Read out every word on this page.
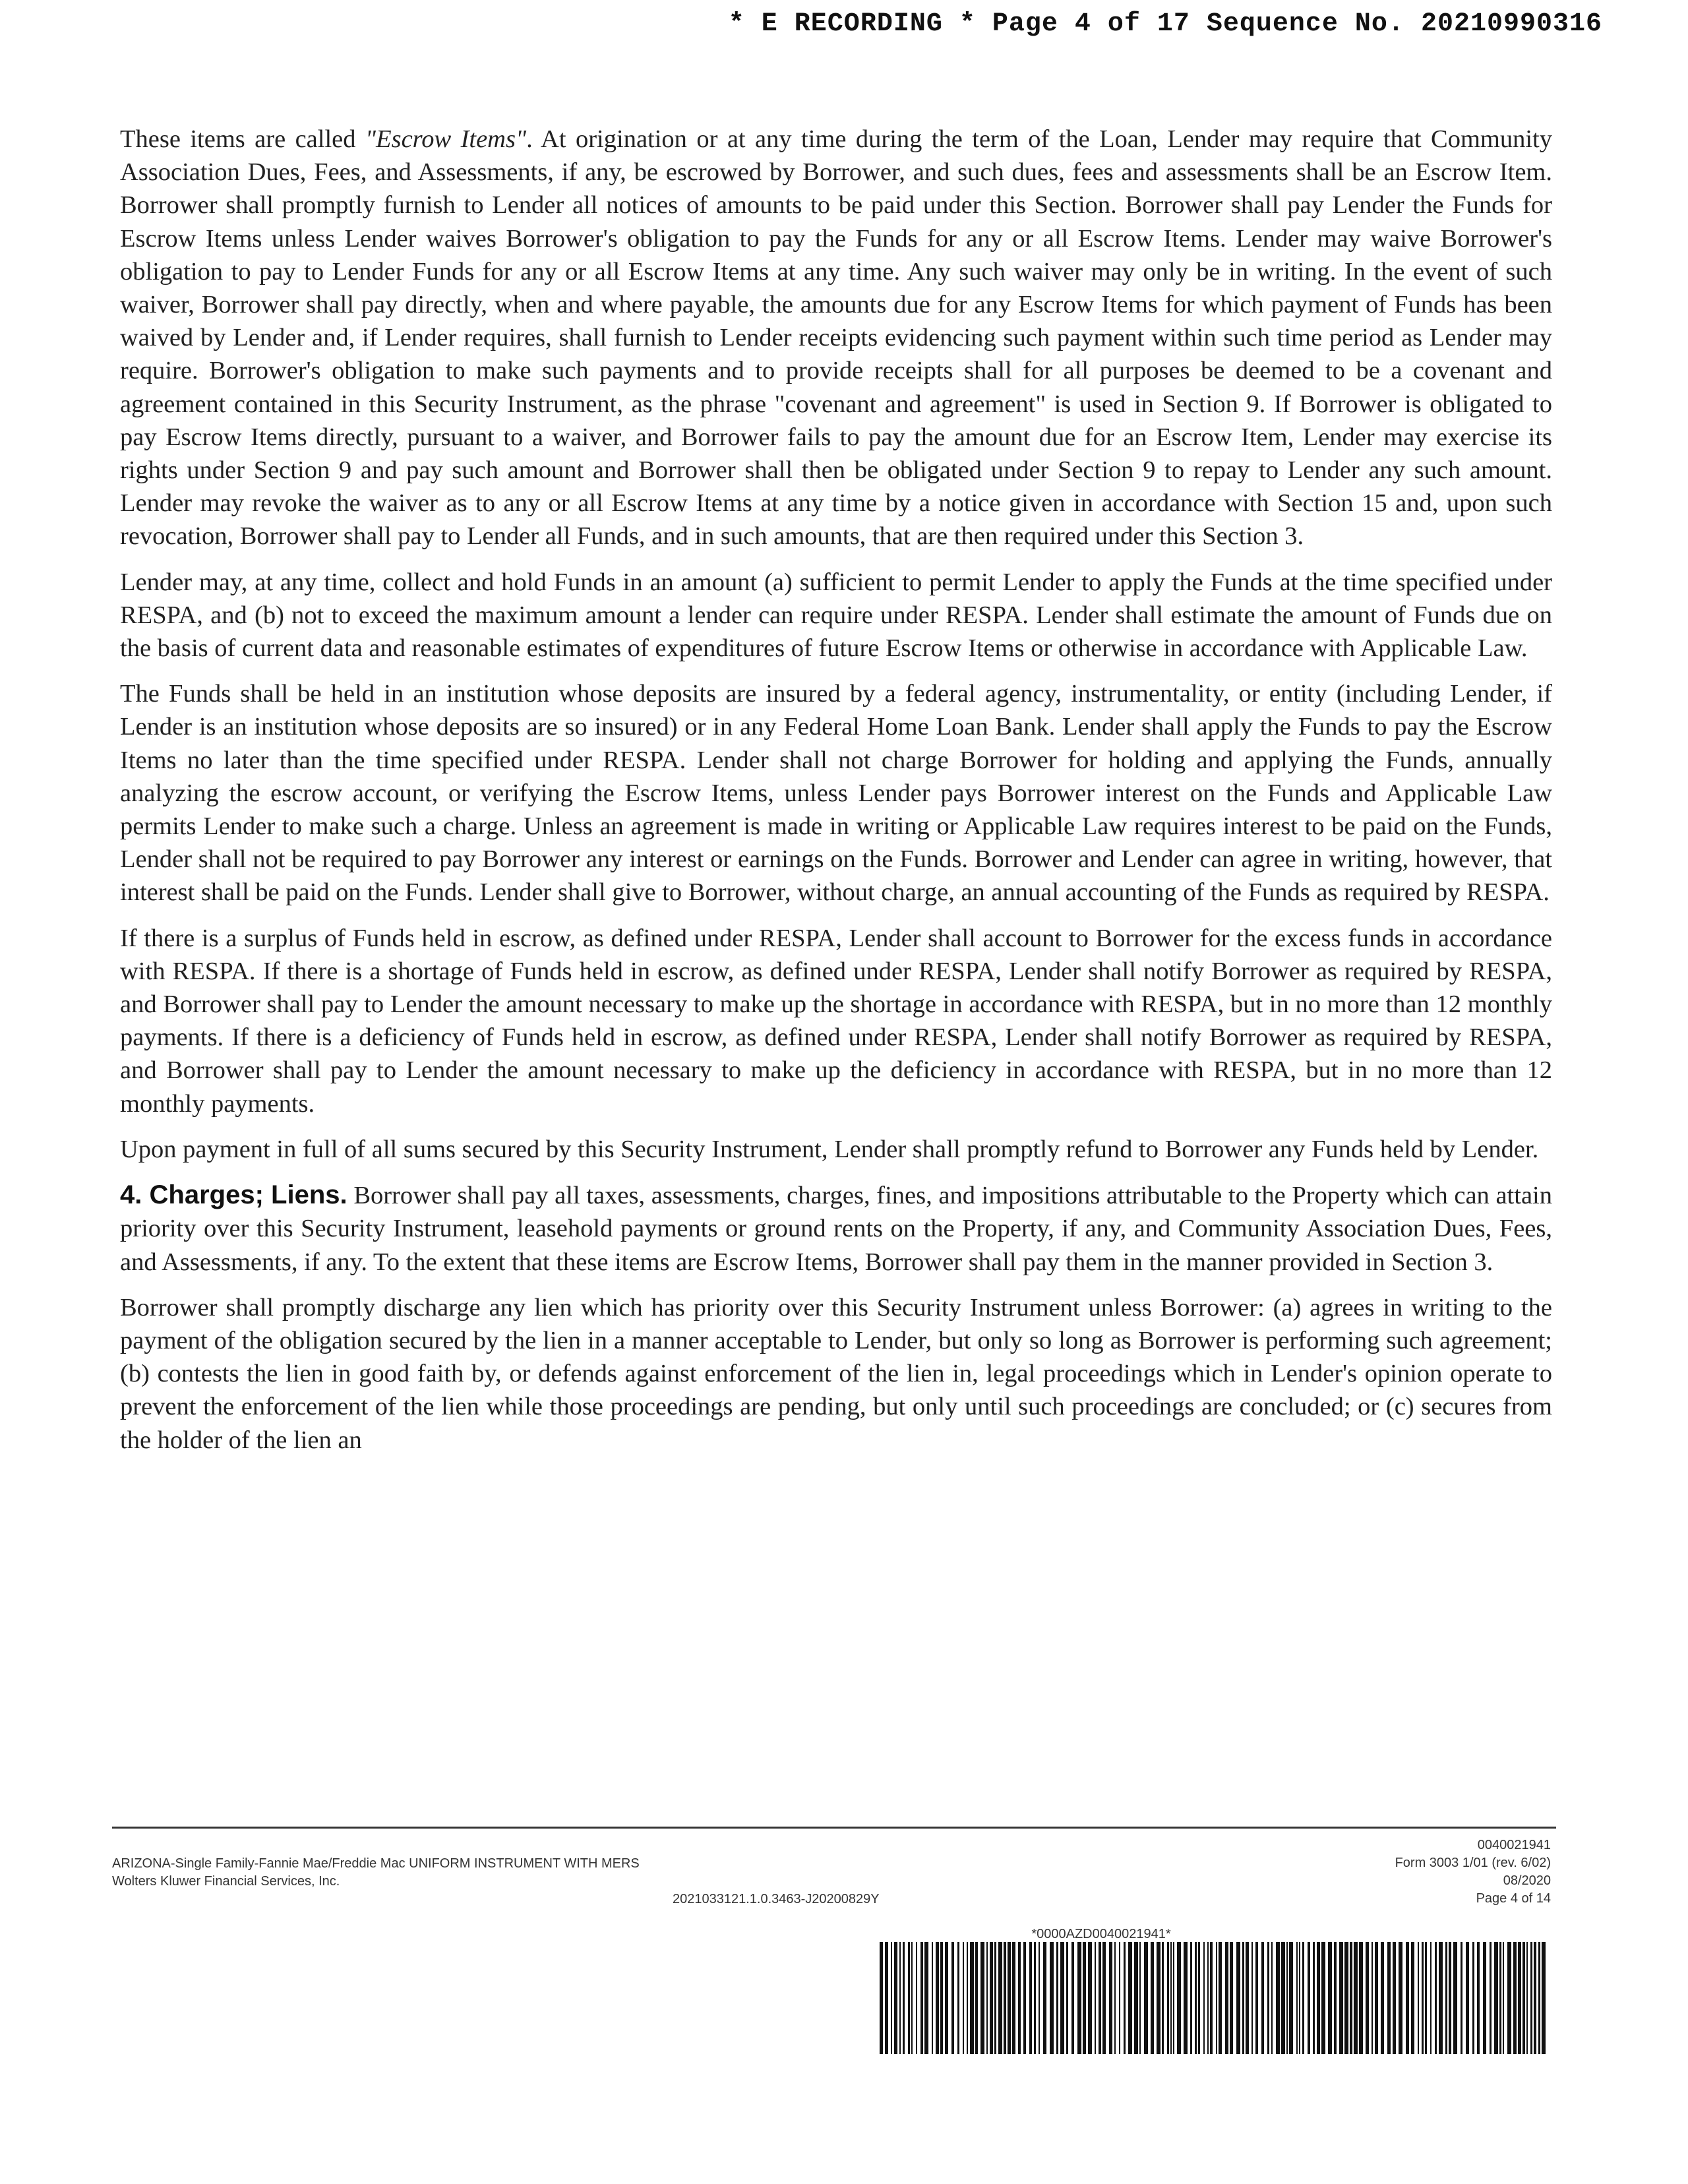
* E RECORDING * Page 4 of 17 Sequence No. 20210990316

These items are called "Escrow Items". At origination or at any time during the term of the Loan, Lender may require that Community Association Dues, Fees, and Assessments, if any, be escrowed by Borrower, and such dues, fees and assessments shall be an Escrow Item. Borrower shall promptly furnish to Lender all notices of amounts to be paid under this Section. Borrower shall pay Lender the Funds for Escrow Items unless Lender waives Borrower's obligation to pay the Funds for any or all Escrow Items. Lender may waive Borrower's obligation to pay to Lender Funds for any or all Escrow Items at any time. Any such waiver may only be in writing. In the event of such waiver, Borrower shall pay directly, when and where payable, the amounts due for any Escrow Items for which payment of Funds has been waived by Lender and, if Lender requires, shall furnish to Lender receipts evidencing such payment within such time period as Lender may require. Borrower's obligation to make such payments and to provide receipts shall for all purposes be deemed to be a covenant and agreement contained in this Security Instrument, as the phrase "covenant and agreement" is used in Section 9. If Borrower is obligated to pay Escrow Items directly, pursuant to a waiver, and Borrower fails to pay the amount due for an Escrow Item, Lender may exercise its rights under Section 9 and pay such amount and Borrower shall then be obligated under Section 9 to repay to Lender any such amount. Lender may revoke the waiver as to any or all Escrow Items at any time by a notice given in accordance with Section 15 and, upon such revocation, Borrower shall pay to Lender all Funds, and in such amounts, that are then required under this Section 3.

Lender may, at any time, collect and hold Funds in an amount (a) sufficient to permit Lender to apply the Funds at the time specified under RESPA, and (b) not to exceed the maximum amount a lender can require under RESPA. Lender shall estimate the amount of Funds due on the basis of current data and reasonable estimates of expenditures of future Escrow Items or otherwise in accordance with Applicable Law.

The Funds shall be held in an institution whose deposits are insured by a federal agency, instrumentality, or entity (including Lender, if Lender is an institution whose deposits are so insured) or in any Federal Home Loan Bank. Lender shall apply the Funds to pay the Escrow Items no later than the time specified under RESPA. Lender shall not charge Borrower for holding and applying the Funds, annually analyzing the escrow account, or verifying the Escrow Items, unless Lender pays Borrower interest on the Funds and Applicable Law permits Lender to make such a charge. Unless an agreement is made in writing or Applicable Law requires interest to be paid on the Funds, Lender shall not be required to pay Borrower any interest or earnings on the Funds. Borrower and Lender can agree in writing, however, that interest shall be paid on the Funds. Lender shall give to Borrower, without charge, an annual accounting of the Funds as required by RESPA.

If there is a surplus of Funds held in escrow, as defined under RESPA, Lender shall account to Borrower for the excess funds in accordance with RESPA. If there is a shortage of Funds held in escrow, as defined under RESPA, Lender shall notify Borrower as required by RESPA, and Borrower shall pay to Lender the amount necessary to make up the shortage in accordance with RESPA, but in no more than 12 monthly payments. If there is a deficiency of Funds held in escrow, as defined under RESPA, Lender shall notify Borrower as required by RESPA, and Borrower shall pay to Lender the amount necessary to make up the deficiency in accordance with RESPA, but in no more than 12 monthly payments.

Upon payment in full of all sums secured by this Security Instrument, Lender shall promptly refund to Borrower any Funds held by Lender.

4. Charges; Liens. Borrower shall pay all taxes, assessments, charges, fines, and impositions attributable to the Property which can attain priority over this Security Instrument, leasehold payments or ground rents on the Property, if any, and Community Association Dues, Fees, and Assessments, if any. To the extent that these items are Escrow Items, Borrower shall pay them in the manner provided in Section 3.

Borrower shall promptly discharge any lien which has priority over this Security Instrument unless Borrower: (a) agrees in writing to the payment of the obligation secured by the lien in a manner acceptable to Lender, but only so long as Borrower is performing such agreement; (b) contests the lien in good faith by, or defends against enforcement of the lien in, legal proceedings which in Lender's opinion operate to prevent the enforcement of the lien while those proceedings are pending, but only until such proceedings are concluded; or (c) secures from the holder of the lien an

ARIZONA-Single Family-Fannie Mae/Freddie Mac UNIFORM INSTRUMENT WITH MERS
Wolters Kluwer Financial Services, Inc.
2021033121.1.0.3463-J20200829Y
0040021941
Form 3003 1/01 (rev. 6/02)
08/2020
Page 4 of 14
*0000AZD0040021941*
